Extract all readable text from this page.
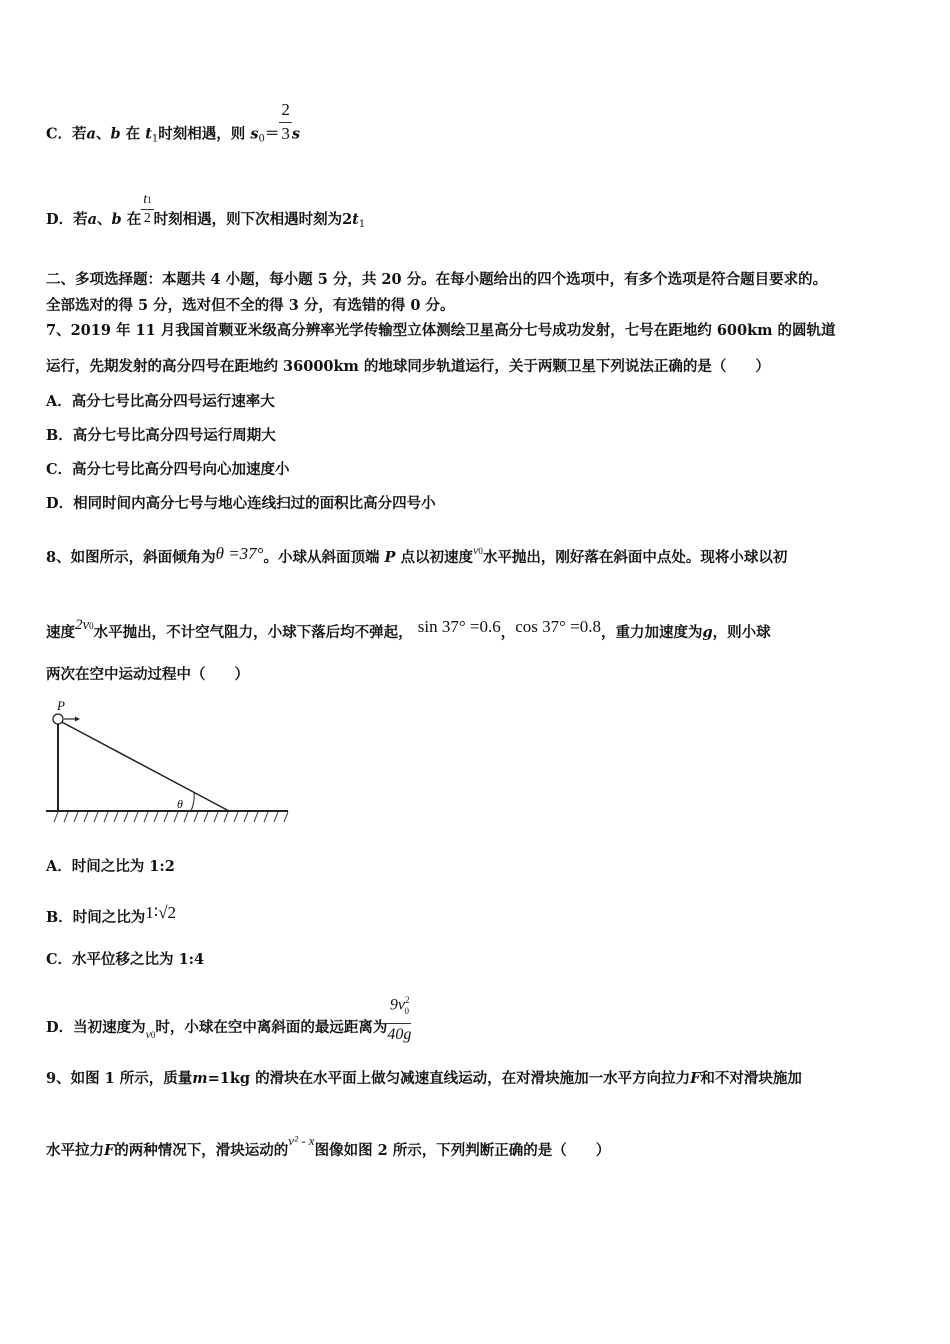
C．若a、b 在 $t_1$时刻相遇，则 $s_0= \frac{2}{3}$ s
D．若a、b 在 $\frac{t1}{2}$ 时刻相遇，则下次相遇时刻为$2t_1$
二、多项选择题：本题共 4 小题，每小题 5 分，共 20 分。在每小题给出的四个选项中，有多个选项是符合题目要求的。
全部选对的得 5 分，选对但不全的得 3 分，有选错的得 0 分。
7、2019 年 11 月我国首颗亚米级高分辨率光学传输型立体测绘卫星高分七号成功发射，七号在距地约 600km 的圆轨道
运行，先期发射的高分四号在距地约 36000km 的地球同步轨道运行，关于两颗卫星下列说法正确的是（　　）
A．高分七号比高分四号运行速率大
B．高分七号比高分四号运行周期大
C．高分七号比高分四号向心加速度小
D．相同时间内高分七号与地心连线扫过的面积比高分四号小
8、如图所示，斜面倾角为θ =37°。小球从斜面顶端 P 点以初速度$^{v0}$水平抛出，刚好落在斜面中点处。现将小球以初
速度2v0水平抛出，不计空气阻力，小球下落后均不弹起， sin 37° =0.6，cos 37° =0.8，重力加速度为g，则小球
两次在空中运动过程中（　　）
P
θ
A．时间之比为 1:2
B．时间之比为1∶√2
C．水平位移之比为 1:4
D．当初速度为$_{v0}$时，小球在空中离斜面的最远距离为 $\frac{9v^2_0}{40g}$
9、如图 1 所示，质量m=1kg 的滑块在水平面上做匀减速直线运动，在对滑块施加一水平方向拉力F和不对滑块施加
水平拉力F的两种情况下，滑块运动的v² - x图像如图 2 所示，下列判断正确的是（　　）
